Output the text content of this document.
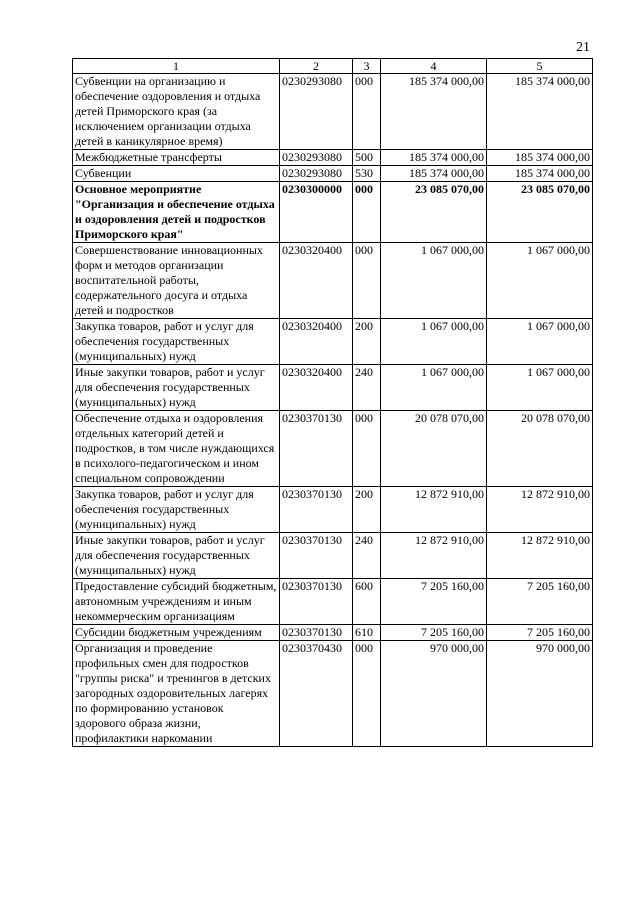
21
1	2	3	4	5
Субвенции на организацию и обеспечение оздоровления и отдыха детей Приморского края (за исключением организации отдыха детей в каникулярное время)	0230293080	000	185 374 000,00	185 374 000,00
Межбюджетные трансферты	0230293080	500	185 374 000,00	185 374 000,00
Субвенции	0230293080	530	185 374 000,00	185 374 000,00
Основное мероприятие "Организация и обеспечение отдыха и оздоровления детей и подростков Приморского края"	0230300000	000	23 085 070,00	23 085 070,00
Совершенствование инновационных форм и методов организации воспитательной работы, содержательного досуга и отдыха детей и подростков	0230320400	000	1 067 000,00	1 067 000,00
Закупка товаров, работ и услуг для обеспечения государственных (муниципальных) нужд	0230320400	200	1 067 000,00	1 067 000,00
Иные закупки товаров, работ и услуг для обеспечения государственных (муниципальных) нужд	0230320400	240	1 067 000,00	1 067 000,00
Обеспечение отдыха и оздоровления отдельных категорий детей и подростков, в том числе нуждающихся в психолого-педагогическом и ином специальном сопровождении	0230370130	000	20 078 070,00	20 078 070,00
Закупка товаров, работ и услуг для обеспечения государственных (муниципальных) нужд	0230370130	200	12 872 910,00	12 872 910,00
Иные закупки товаров, работ и услуг для обеспечения государственных (муниципальных) нужд	0230370130	240	12 872 910,00	12 872 910,00
Предоставление субсидий бюджетным, автономным учреждениям и иным некоммерческим организациям	0230370130	600	7 205 160,00	7 205 160,00
Субсидии бюджетным учреждениям	0230370130	610	7 205 160,00	7 205 160,00
Организация и проведение профильных смен для подростков "группы риска" и тренингов в детских загородных оздоровительных лагерях по формированию установок здорового образа жизни, профилактики наркомании	0230370430	000	970 000,00	970 000,00
